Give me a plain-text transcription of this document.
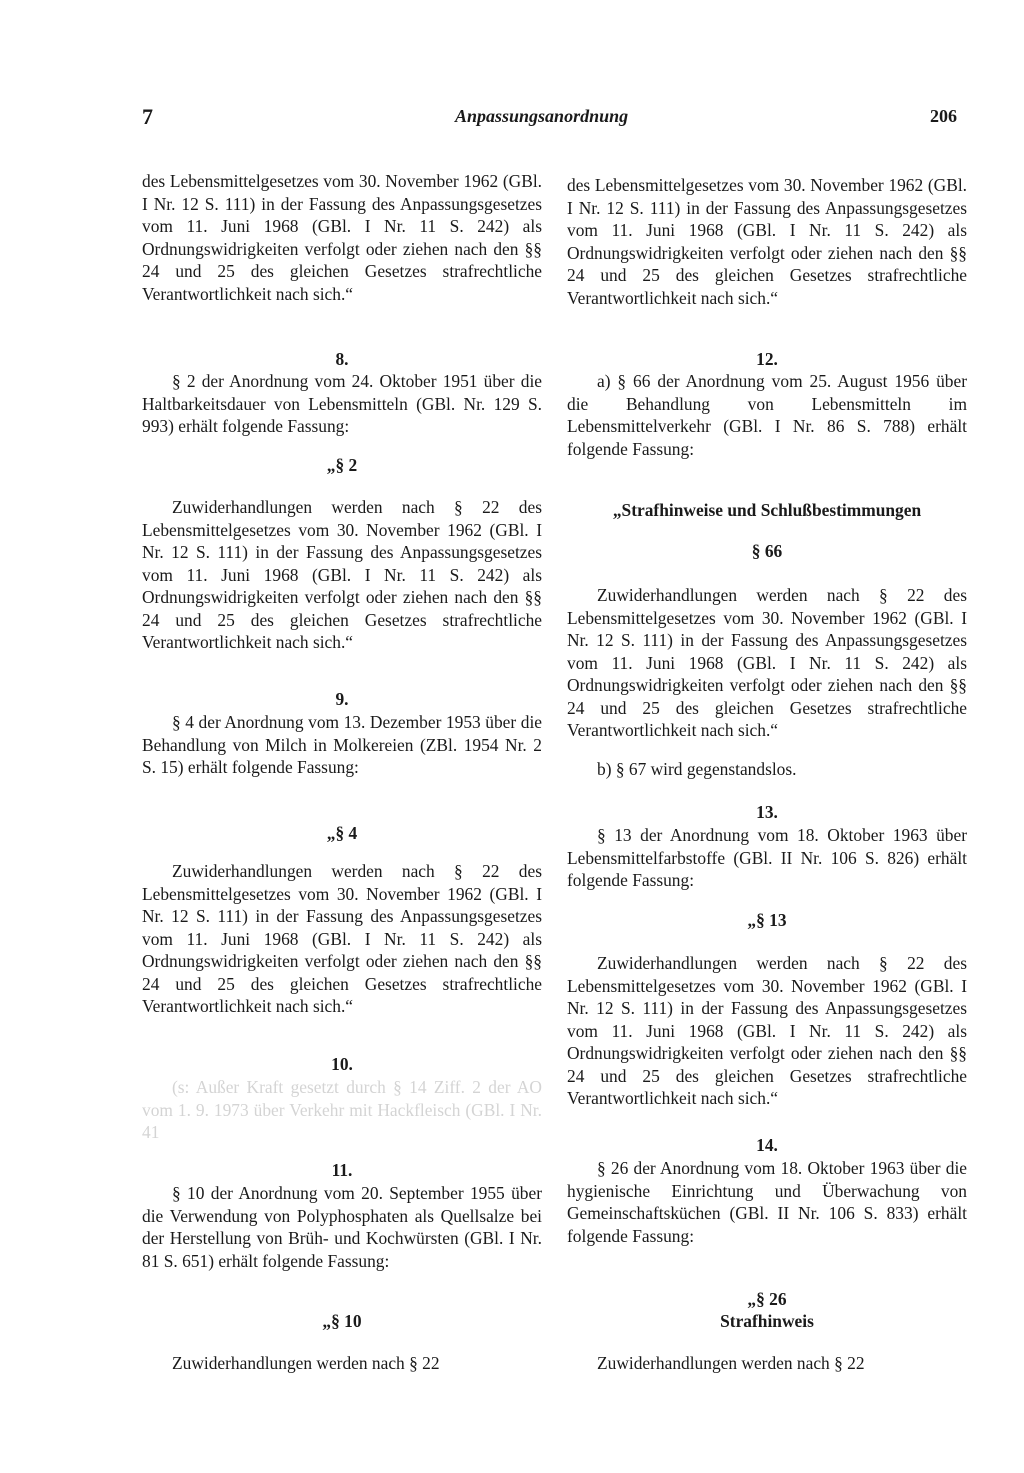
7	Anpassungsanordnung	206

des Lebensmittelgesetzes vom 30. November 1962 (GBl. I Nr. 12 S. 111) in der Fassung des Anpassungsgesetzes vom 11. Juni 1968 (GBl. I Nr. 11 S. 242) als Ordnungswidrigkeiten verfolgt oder ziehen nach den §§ 24 und 25 des gleichen Gesetzes strafrechtliche Verantwortlichkeit nach sich.“

8.

§ 2 der Anordnung vom 24. Oktober 1951 über die Haltbarkeitsdauer von Lebensmitteln (GBl. Nr. 129 S. 993) erhält folgende Fassung:

„§ 2

Zuwiderhandlungen werden nach § 22 des Lebensmittelgesetzes vom 30. November 1962 (GBl. I Nr. 12 S. 111) in der Fassung des Anpassungsgesetzes vom 11. Juni 1968 (GBl. I Nr. 11 S. 242) als Ordnungswidrigkeiten verfolgt oder ziehen nach den §§ 24 und 25 des gleichen Gesetzes strafrechtliche Verantwortlichkeit nach sich.“

9.

§ 4 der Anordnung vom 13. Dezember 1953 über die Behandlung von Milch in Molkereien (ZBl. 1954 Nr. 2 S. 15) erhält folgende Fassung:

„§ 4

Zuwiderhandlungen werden nach § 22 des Lebensmittelgesetzes vom 30. November 1962 (GBl. I Nr. 12 S. 111) in der Fassung des Anpassungsgesetzes vom 11. Juni 1968 (GBl. I Nr. 11 S. 242) als Ordnungswidrigkeiten verfolgt oder ziehen nach den §§ 24 und 25 des gleichen Gesetzes strafrechtliche Verantwortlichkeit nach sich.“

10.

(s: Außer Kraft gesetzt durch § 14 Ziff. 2 der AO vom 1. 9. 1973 über Verkehr mit Hackfleisch (GBl. I Nr. 41

11.

§ 10 der Anordnung vom 20. September 1955 über die Verwendung von Polyphosphaten als Quellsalze bei der Herstellung von Brüh- und Kochwürsten (GBl. I Nr. 81 S. 651) erhält folgende Fassung:

„§ 10

Zuwiderhandlungen werden nach § 22

des Lebensmittelgesetzes vom 30. November 1962 (GBl. I Nr. 12 S. 111) in der Fassung des Anpassungsgesetzes vom 11. Juni 1968 (GBl. I Nr. 11 S. 242) als Ordnungswidrigkeiten verfolgt oder ziehen nach den §§ 24 und 25 des gleichen Gesetzes strafrechtliche Verantwortlichkeit nach sich.“

12.

a) § 66 der Anordnung vom 25. August 1956 über die Behandlung von Lebensmitteln im Lebensmittelverkehr (GBl. I Nr. 86 S. 788) erhält folgende Fassung:

„Strafhinweise und Schlußbestimmungen

§ 66

Zuwiderhandlungen werden nach § 22 des Lebensmittelgesetzes vom 30. November 1962 (GBl. I Nr. 12 S. 111) in der Fassung des Anpassungsgesetzes vom 11. Juni 1968 (GBl. I Nr. 11 S. 242) als Ordnungswidrigkeiten verfolgt oder ziehen nach den §§ 24 und 25 des gleichen Gesetzes strafrechtliche Verantwortlichkeit nach sich.“

b) § 67 wird gegenstandslos.

13.

§ 13 der Anordnung vom 18. Oktober 1963 über Lebensmittelfarbstoffe (GBl. II Nr. 106 S. 826) erhält folgende Fassung:

„§ 13

Zuwiderhandlungen werden nach § 22 des Lebensmittelgesetzes vom 30. November 1962 (GBl. I Nr. 12 S. 111) in der Fassung des Anpassungsgesetzes vom 11. Juni 1968 (GBl. I Nr. 11 S. 242) als Ordnungswidrigkeiten verfolgt oder ziehen nach den §§ 24 und 25 des gleichen Gesetzes strafrechtliche Verantwortlichkeit nach sich.“

14.

§ 26 der Anordnung vom 18. Oktober 1963 über die hygienische Einrichtung und Überwachung von Gemeinschaftsküchen (GBl. II Nr. 106 S. 833) erhält folgende Fassung:

„§ 26

Strafhinweis

Zuwiderhandlungen werden nach § 22
